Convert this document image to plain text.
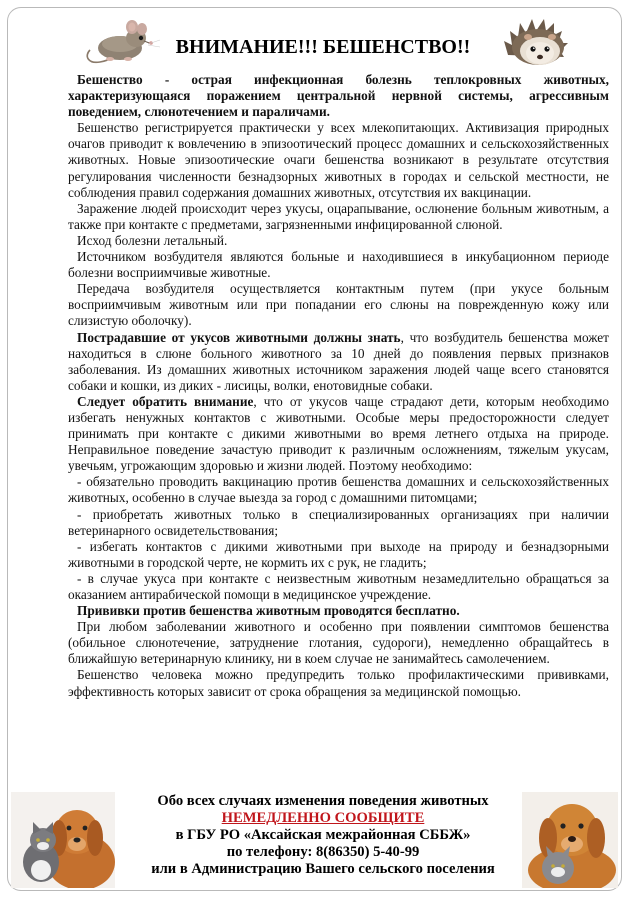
ВНИМАНИЕ!!! БЕШЕНСТВО!!

Бешенство - острая инфекционная болезнь теплокровных животных, характеризующаяся поражением центральной нервной системы, агрессивным поведением, слюнотечением и параличами.

Бешенство регистрируется практически у всех млекопитающих. Активизация природных очагов приводит к вовлечению в эпизоотический процесс домашних и сельскохозяйственных животных. Новые эпизоотические очаги бешенства возникают в результате отсутствия регулирования численности безнадзорных животных в городах и сельской местности, не соблюдения правил содержания домашних животных, отсутствия их вакцинации.

Заражение людей происходит через укусы, оцарапывание, ослюнение больным животным, а также при контакте с предметами, загрязненными инфицированной слюной.

Исход болезни летальный.

Источником возбудителя являются больные и находившиеся в инкубационном периоде болезни восприимчивые животные.

Передача возбудителя осуществляется контактным путем (при укусе больным восприимчивым животным или при попадании его слюны на поврежденную кожу или слизистую оболочку).

Пострадавшие от укусов животными должны знать, что возбудитель бешенства может находиться в слюне больного животного за 10 дней до появления первых признаков заболевания. Из домашних животных источником заражения людей чаще всего становятся собаки и кошки, из диких - лисицы, волки, енотовидные собаки.

Следует обратить внимание, что от укусов чаще страдают дети, которым необходимо избегать ненужных контактов с животными. Особые меры предосторожности следует принимать при контакте с дикими животными во время летнего отдыха на природе. Неправильное поведение зачастую приводит к различным осложнениям, тяжелым укусам, увечьям, угрожающим здоровью и жизни людей. Поэтому необходимо:

- обязательно проводить вакцинацию против бешенства домашних и сельскохозяйственных животных, особенно в случае выезда за город с домашними питомцами;

- приобретать животных только в специализированных организациях при наличии ветеринарного освидетельствования;

- избегать контактов с дикими животными при выходе на природу и безнадзорными животными в городской черте, не кормить их с рук, не гладить;

- в случае укуса при контакте с неизвестным животным незамедлительно обращаться за оказанием антирабической помощи в медицинское учреждение.

Прививки против бешенства животным проводятся бесплатно.

При любом заболевании животного и особенно при появлении симптомов бешенства (обильное слюнотечение, затруднение глотания, судороги), немедленно обращайтесь в ближайшую ветеринарную клинику, ни в коем случае не занимайтесь самолечением.

Бешенство человека можно предупредить только профилактическими прививками, эффективность которых зависит от срока обращения за медицинской помощью.

Обо всех случаях изменения поведения животных
НЕМЕДЛЕННО СООБЩИТЕ
в ГБУ РО «Аксайская межрайонная СББЖ»
по телефону: 8(86350) 5-40-99
или в Администрацию Вашего сельского поселения
